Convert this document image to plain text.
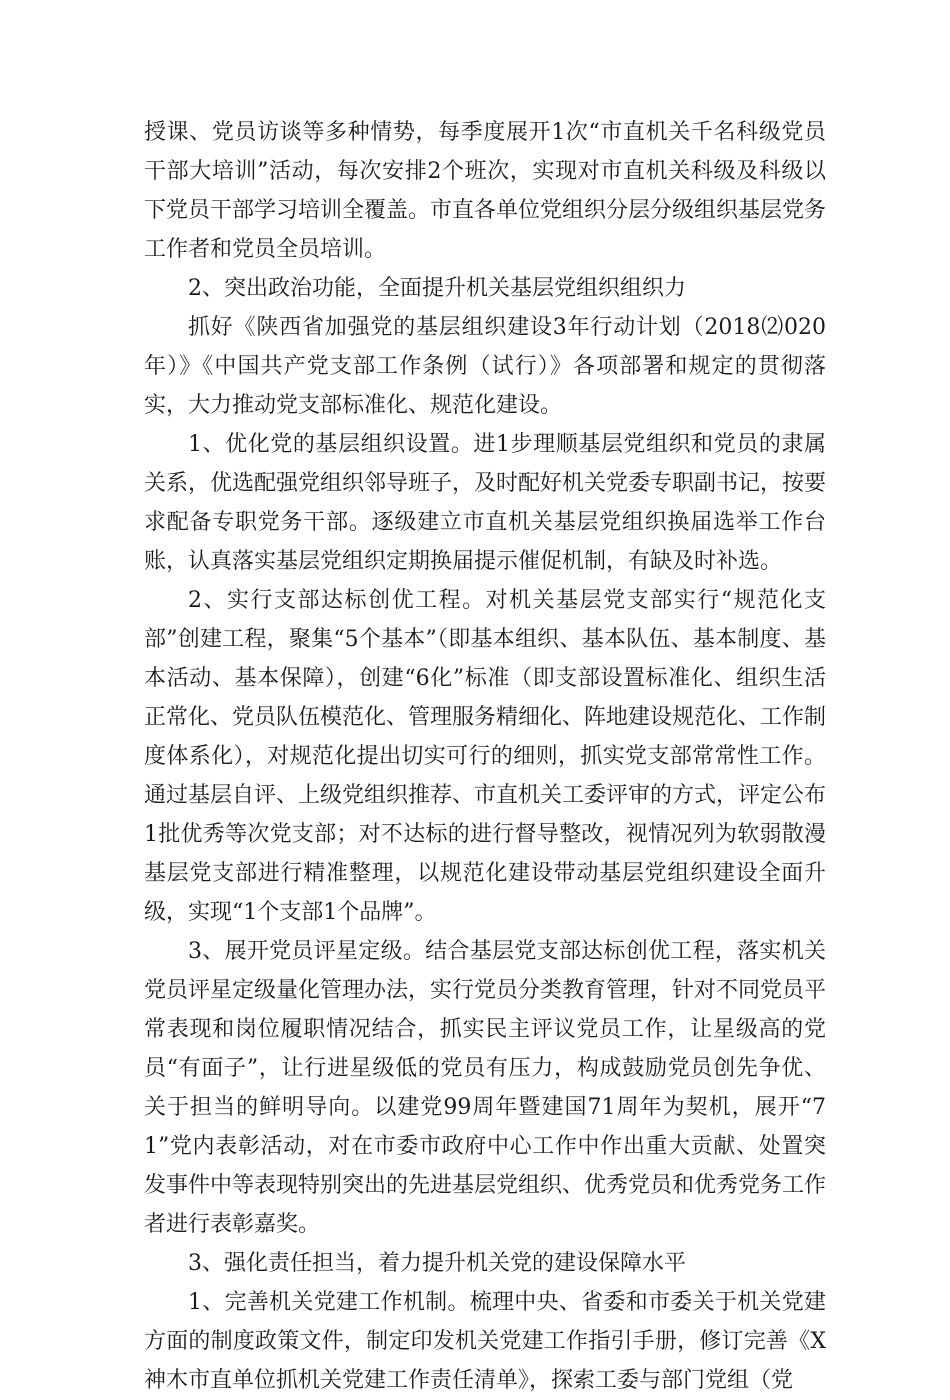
授课、党员访谈等多种情势，每季度展开1次“市直机关千名科级党员干部大培训”活动，每次安排2个班次，实现对市直机关科级及科级以下党员干部学习培训全覆盖。市直各单位党组织分层分级组织基层党务工作者和党员全员培训。

2、突出政治功能，全面提升机关基层党组织组织力

抓好《陕西省加强党的基层组织建设3年行动计划（2018⑵020年）》《中国共产党支部工作条例（试行）》各项部署和规定的贯彻落实，大力推动党支部标准化、规范化建设。

1、优化党的基层组织设置。进1步理顺基层党组织和党员的隶属关系，优选配强党组织邻导班子，及时配好机关党委专职副书记，按要求配备专职党务干部。逐级建立市直机关基层党组织换届选举工作台账，认真落实基层党组织定期换届提示催促机制，有缺及时补选。

2、实行支部达标创优工程。对机关基层党支部实行“规范化支部”创建工程，聚集“5个基本”（即基本组织、基本队伍、基本制度、基本活动、基本保障），创建“6化”标准（即支部设置标准化、组织生活正常化、党员队伍模范化、管理服务精细化、阵地建设规范化、工作制度体系化），对规范化提出切实可行的细则，抓实党支部常常性工作。通过基层自评、上级党组织推荐、市直机关工委评审的方式，评定公布1批优秀等次党支部；对不达标的进行督导整改，视情况列为软弱散漫基层党支部进行精准整理，以规范化建设带动基层党组织建设全面升级，实现“1个支部1个品牌”。

3、展开党员评星定级。结合基层党支部达标创优工程，落实机关党员评星定级量化管理办法，实行党员分类教育管理，针对不同党员平常表现和岗位履职情况结合，抓实民主评议党员工作，让星级高的党员“有面子”，让行进星级低的党员有压力，构成鼓励党员创先争优、关于担当的鲜明导向。以建党99周年暨建国71周年为契机，展开“71”党内表彰活动，对在市委市政府中心工作中作出重大贡献、处置突发事件中等表现特别突出的先进基层党组织、优秀党员和优秀党务工作者进行表彰嘉奖。

3、强化责任担当，着力提升机关党的建设保障水平

1、完善机关党建工作机制。梳理中央、省委和市委关于机关党建方面的制度政策文件，制定印发机关党建工作指引手册，修订完善《X神木市直单位抓机关党建工作责任清单》，探索工委与部门党组（党
